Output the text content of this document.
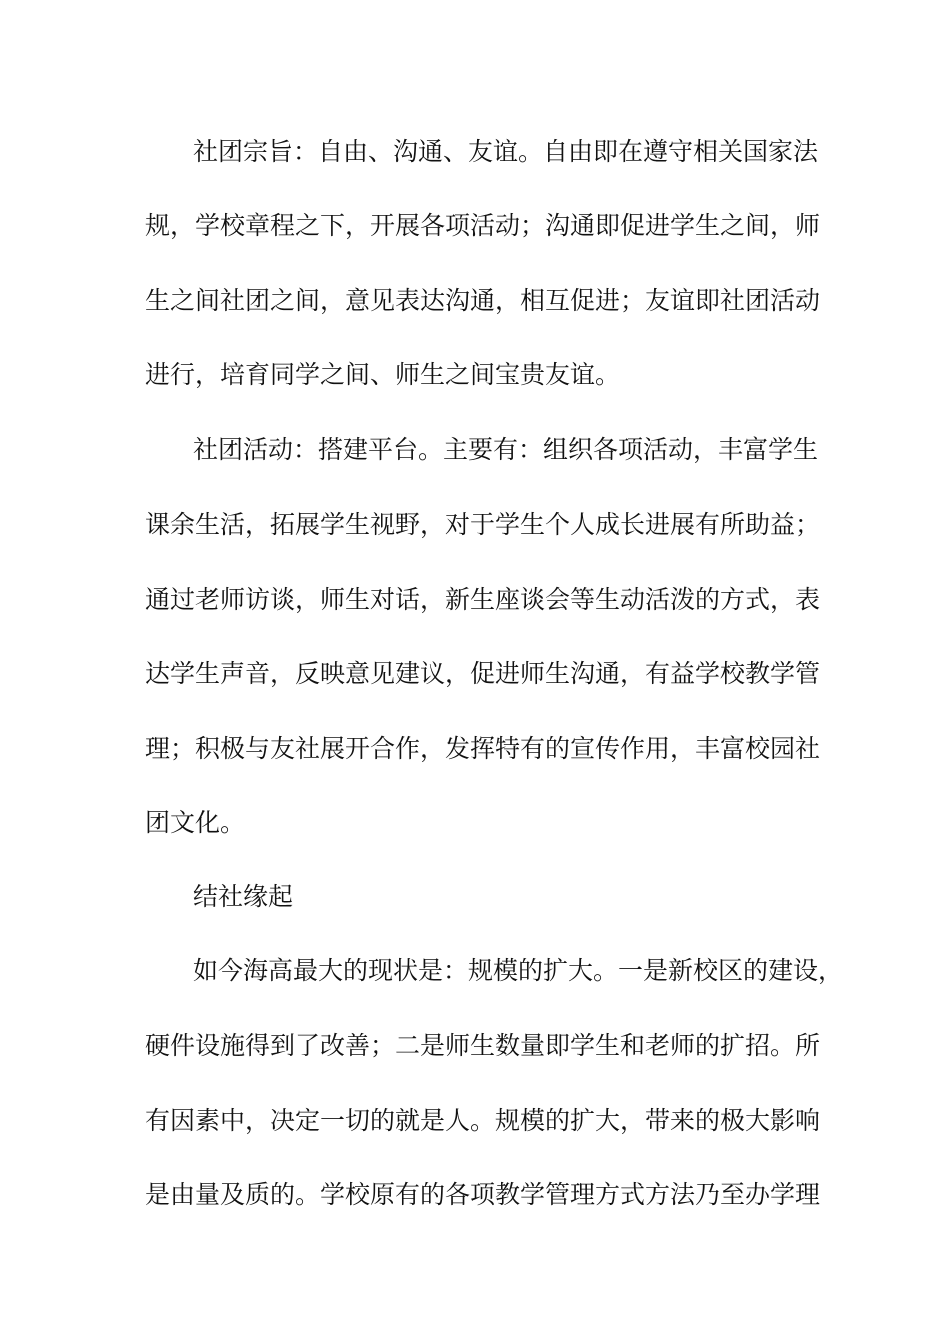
社团宗旨：自由、沟通、友谊。自由即在遵守相关国家法
规，学校章程之下，开展各项活动；沟通即促进学生之间，师
生之间社团之间，意见表达沟通，相互促进；友谊即社团活动
进行，培育同学之间、师生之间宝贵友谊。
社团活动：搭建平台。主要有：组织各项活动，丰富学生
课余生活，拓展学生视野，对于学生个人成长进展有所助益；
通过老师访谈，师生对话，新生座谈会等生动活泼的方式，表
达学生声音，反映意见建议，促进师生沟通，有益学校教学管
理；积极与友社展开合作，发挥特有的宣传作用，丰富校园社
团文化。
结社缘起
如今海高最大的现状是：规模的扩大。一是新校区的建设，
硬件设施得到了改善；二是师生数量即学生和老师的扩招。所
有因素中，决定一切的就是人。规模的扩大，带来的极大影响
是由量及质的。学校原有的各项教学管理方式方法乃至办学理
